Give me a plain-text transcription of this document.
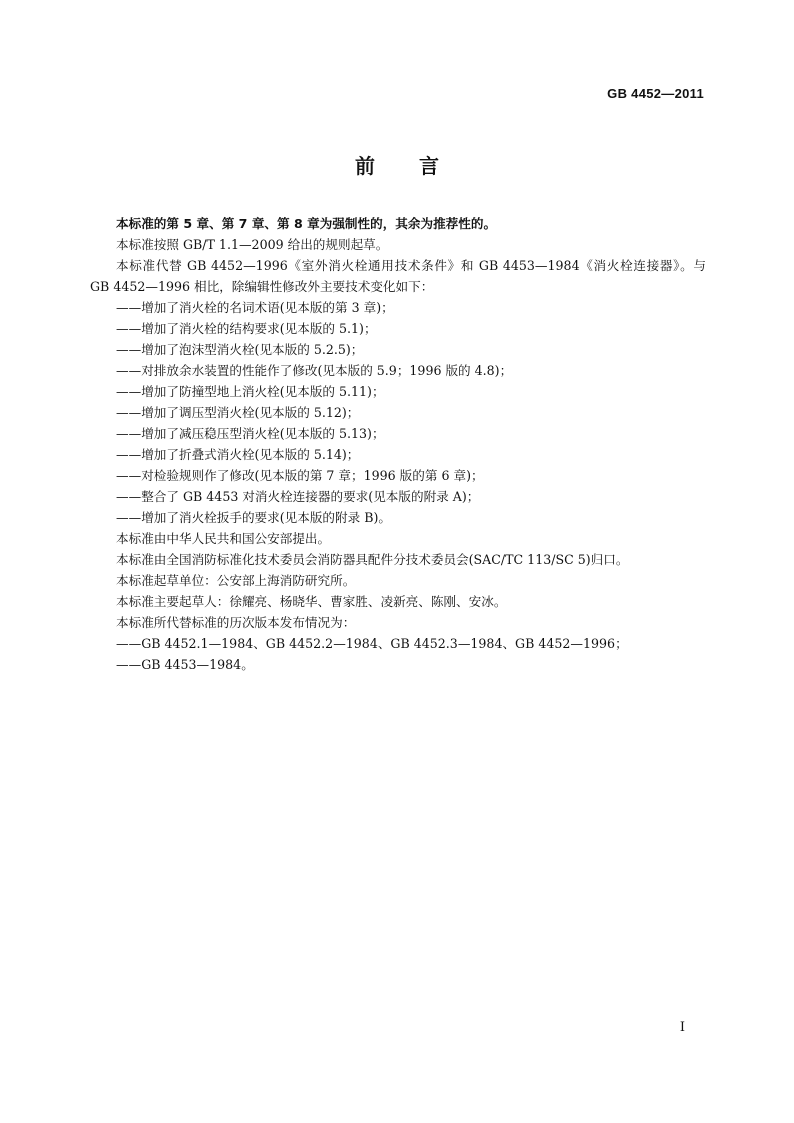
GB 4452—2011
前言

本标准的第 5 章、第 7 章、第 8 章为强制性的，其余为推荐性的。

本标准按照 GB/T 1.1—2009 给出的规则起草。

本标准代替 GB 4452—1996《室外消火栓通用技术条件》和 GB 4453—1984《消火栓连接器》。与 GB 4452—1996 相比，除编辑性修改外主要技术变化如下：

——增加了消火栓的名词术语(见本版的第 3 章)；

——增加了消火栓的结构要求(见本版的 5.1)；

——增加了泡沫型消火栓(见本版的 5.2.5)；

——对排放余水装置的性能作了修改(见本版的 5.9；1996 版的 4.8)；

——增加了防撞型地上消火栓(见本版的 5.11)；

——增加了调压型消火栓(见本版的 5.12)；

——增加了减压稳压型消火栓(见本版的 5.13)；

——增加了折叠式消火栓(见本版的 5.14)；

——对检验规则作了修改(见本版的第 7 章；1996 版的第 6 章)；

——整合了 GB 4453 对消火栓连接器的要求(见本版的附录 A)；

——增加了消火栓扳手的要求(见本版的附录 B)。

本标准由中华人民共和国公安部提出。

本标准由全国消防标准化技术委员会消防器具配件分技术委员会(SAC/TC 113/SC 5)归口。

本标准起草单位：公安部上海消防研究所。

本标准主要起草人：徐耀亮、杨晓华、曹家胜、凌新亮、陈刚、安冰。

本标准所代替标准的历次版本发布情况为：

——GB 4452.1—1984、GB 4452.2—1984、GB 4452.3—1984、GB 4452—1996；

——GB 4453—1984。

I
